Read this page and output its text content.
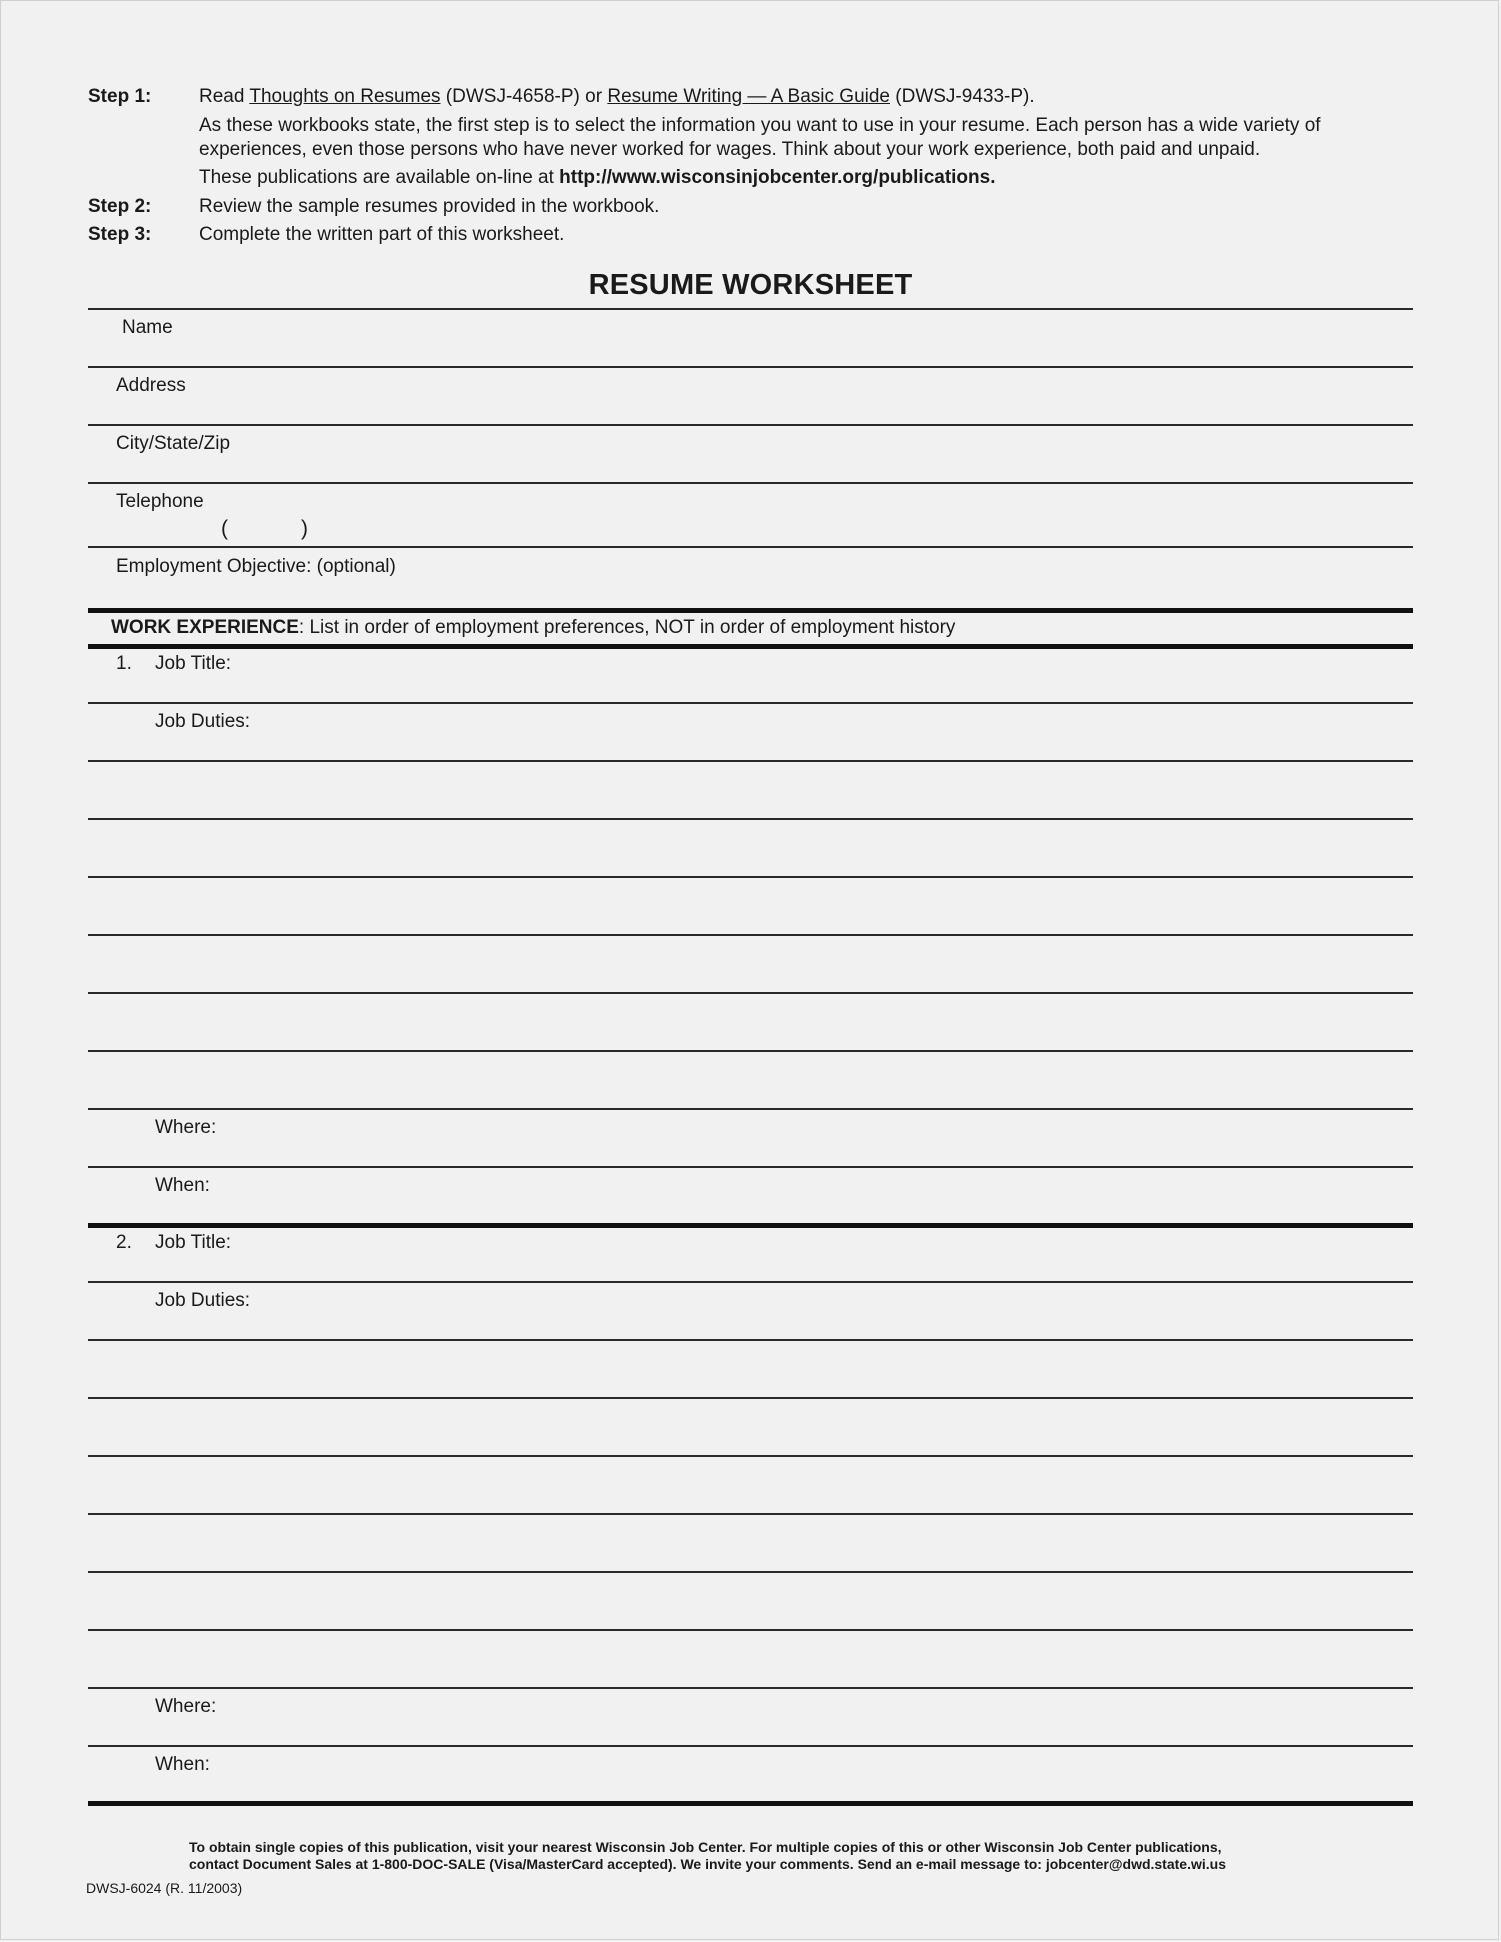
Step 1:	Read Thoughts on Resumes (DWSJ-4658-P) or Resume Writing — A Basic Guide (DWSJ-9433-P).
As these workbooks state, the first step is to select the information you want to use in your resume. Each person has a wide variety of
experiences, even those persons who have never worked for wages. Think about your work experience, both paid and unpaid.
These publications are available on-line at http://www.wisconsinjobcenter.org/publications.
Step 2:	Review the sample resumes provided in the workbook.
Step 3:	Complete the written part of this worksheet.
RESUME WORKSHEET
Name
Address
City/State/Zip
Telephone
(	)
Employment Objective: (optional)
WORK EXPERIENCE: List in order of employment preferences, NOT in order of employment history
1. Job Title:
Job Duties:
Where:
When:
2. Job Title:
Job Duties:
Where:
When:
To obtain single copies of this publication, visit your nearest Wisconsin Job Center. For multiple copies of this or other Wisconsin Job Center publications,
contact Document Sales at 1-800-DOC-SALE (Visa/MasterCard accepted). We invite your comments. Send an e-mail message to: jobcenter@dwd.state.wi.us
DWSJ-6024 (R. 11/2003)
